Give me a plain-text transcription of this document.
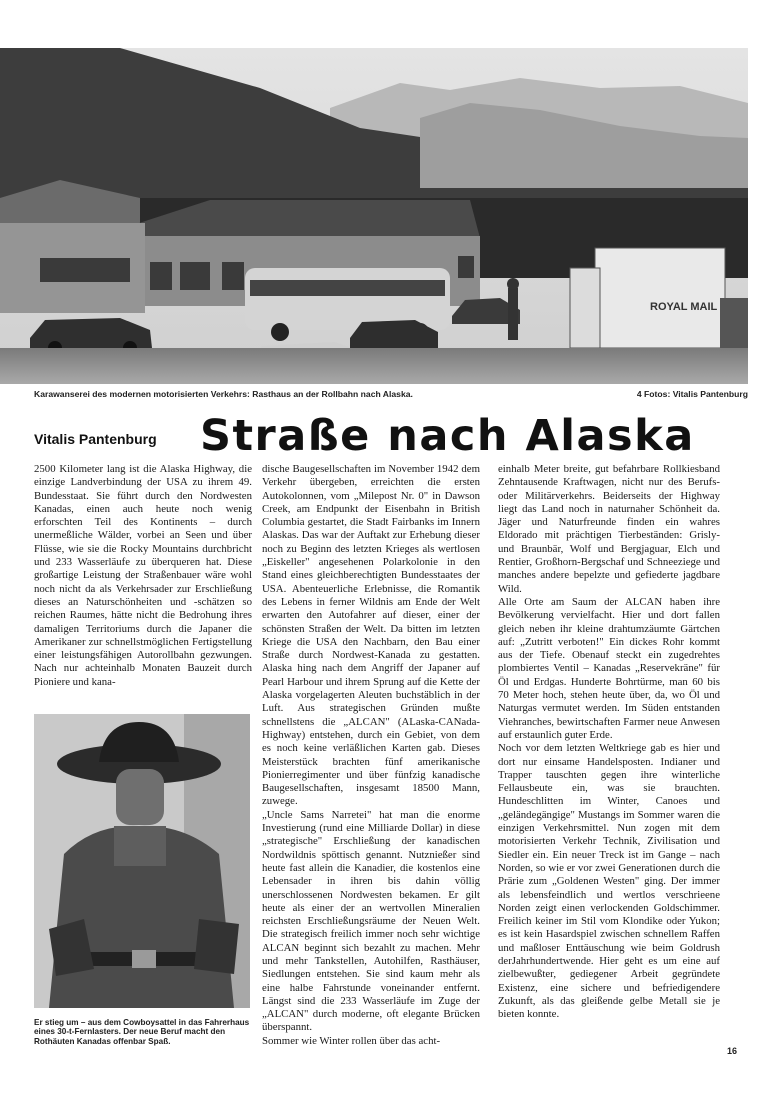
ROYAL MAIL
Karawanserei des modernen motorisierten Verkehrs: Rasthaus an der Rollbahn nach Alaska.	4 Fotos: Vitalis Pantenburg
Vitalis Pantenburg Straße nach Alaska

2500 Kilometer lang ist die Alaska Highway, die einzige Landverbindung der USA zu ihrem 49. Bundesstaat. Sie führt durch den Nordwesten Kanadas, einen auch heute noch wenig erforschten Teil des Kontinents – durch unermeßliche Wälder, vorbei an Seen und über Flüsse, wie sie die Rocky Mountains durchbricht und 233 Wasserläufe zu überqueren hat. Diese großartige Leistung der Straßenbauer wäre wohl noch nicht da als Verkehrsader zur Erschließung dieses an Naturschönheiten und -schätzen so reichen Raumes, hätte nicht die Bedrohung ihres damaligen Territoriums durch die Japaner die Amerikaner zur schnellstmöglichen Fertigstellung einer leistungsfähigen Autorollbahn gezwungen. Nach nur achteinhalb Monaten Bauzeit durch Pioniere und kana-

Er stieg um – aus dem Cowboysattel in das Fahrerhaus eines 30-t-Fernlasters. Der neue Beruf macht den Rothäuten Kanadas offenbar Spaß.

dische Baugesellschaften im November 1942 dem Verkehr übergeben, erreichten die ersten Autokolonnen, vom „Milepost Nr. 0" in Dawson Creek, am Endpunkt der Eisenbahn in British Columbia gestartet, die Stadt Fairbanks im Innern Alaskas. Das war der Auftakt zur Erhebung dieser noch zu Beginn des letzten Krieges als wertlosen „Eiskeller" angesehenen Polarkolonie in den Stand eines gleichberechtigten Bundesstaates der USA. Abenteuerliche Erlebnisse, die Romantik des Lebens in ferner Wildnis am Ende der Welt erwarten den Autofahrer auf dieser, einer der schönsten Straßen der Welt. Da bitten im letzten Kriege die USA den Nachbarn, den Bau einer Straße durch Nordwest-Kanada zu gestatten. Alaska hing nach dem Angriff der Japaner auf Pearl Harbour und ihrem Sprung auf die Kette der Alaska vorgelagerten Aleuten buchstäblich in der Luft. Aus strategischen Gründen mußte schnellstens die „ALCAN" (ALaska-CANada-Highway) entstehen, durch ein Gebiet, von dem es noch keine verläßlichen Karten gab. Dieses Meisterstück brachten fünf amerikanische Pionierregimenter und über fünfzig kanadische Baugesellschaften, insgesamt 18500 Mann, zuwege.

„Uncle Sams Narretei" hat man die enorme Investierung (rund eine Milliarde Dollar) in diese „strategische" Erschließung der kanadischen Nordwildnis spöttisch genannt. Nutznießer sind heute fast allein die Kanadier, die kostenlos eine Lebensader in ihren bis dahin völlig unerschlossenen Nordwesten bekamen. Er gilt heute als einer der an wertvollen Mineralien reichsten Erschließungsräume der Neuen Welt. Die strategisch freilich immer noch sehr wichtige ALCAN beginnt sich bezahlt zu machen. Mehr und mehr Tankstellen, Autohilfen, Rasthäuser, Siedlungen entstehen. Sie sind kaum mehr als eine halbe Fahrstunde voneinander entfernt. Längst sind die 233 Wasserläufe im Zuge der „ALCAN" durch moderne, oft elegante Brücken überspannt.

Sommer wie Winter rollen über das acht-

einhalb Meter breite, gut befahrbare Rollkiesband Zehntausende Kraftwagen, nicht nur des Berufs- oder Militärverkehrs. Beiderseits der Highway liegt das Land noch in naturnaher Schönheit da. Jäger und Naturfreunde finden ein wahres Eldorado mit prächtigen Tierbeständen: Grisly- und Braunbär, Wolf und Bergjaguar, Elch und Rentier, Großhorn-Bergschaf und Schneeziege und manches andere bepelzte und gefiederte jagdbare Wild.

Alle Orte am Saum der ALCAN haben ihre Bevölkerung vervielfacht. Hier und dort fallen gleich neben ihr kleine drahtumzäumte Gärtchen auf: „Zutritt verboten!" Ein dickes Rohr kommt aus der Tiefe. Obenauf steckt ein zugedrehtes plombiertes Ventil – Kanadas „Reservekräne" für Öl und Erdgas. Hunderte Bohrtürme, man 60 bis 70 Meter hoch, stehen heute über, da, wo Öl und Naturgas vermutet werden. Im Süden entstanden Viehranches, bewirtschaften Farmer neue Anwesen auf erstaunlich guter Erde.

Noch vor dem letzten Weltkriege gab es hier und dort nur einsame Handelsposten. Indianer und Trapper tauschten gegen ihre winterliche Fellausbeute ein, was sie brauchten. Hundeschlitten im Winter, Canoes und „geländegängige" Mustangs im Sommer waren die einzigen Verkehrsmittel. Nun zogen mit dem motorisierten Verkehr Technik, Zivilisation und Siedler ein. Ein neuer Treck ist im Gange – nach Norden, so wie er vor zwei Generationen durch die Prärie zum „Goldenen Westen" ging. Der immer als lebensfeindlich und wertlos verschrieene Norden zeigt einen verlockenden Goldschimmer. Freilich keiner im Stil vom Klondike oder Yukon; es ist kein Hasardspiel zwischen schnellem Raffen und maßloser Enttäuschung wie beim Goldrush derJahrhundertwende. Hier geht es um eine auf zielbewußter, gediegener Arbeit gegründete Existenz, eine sichere und befriedigendere Zukunft, als das gleißende gelbe Metall sie je bieten konnte.

16
